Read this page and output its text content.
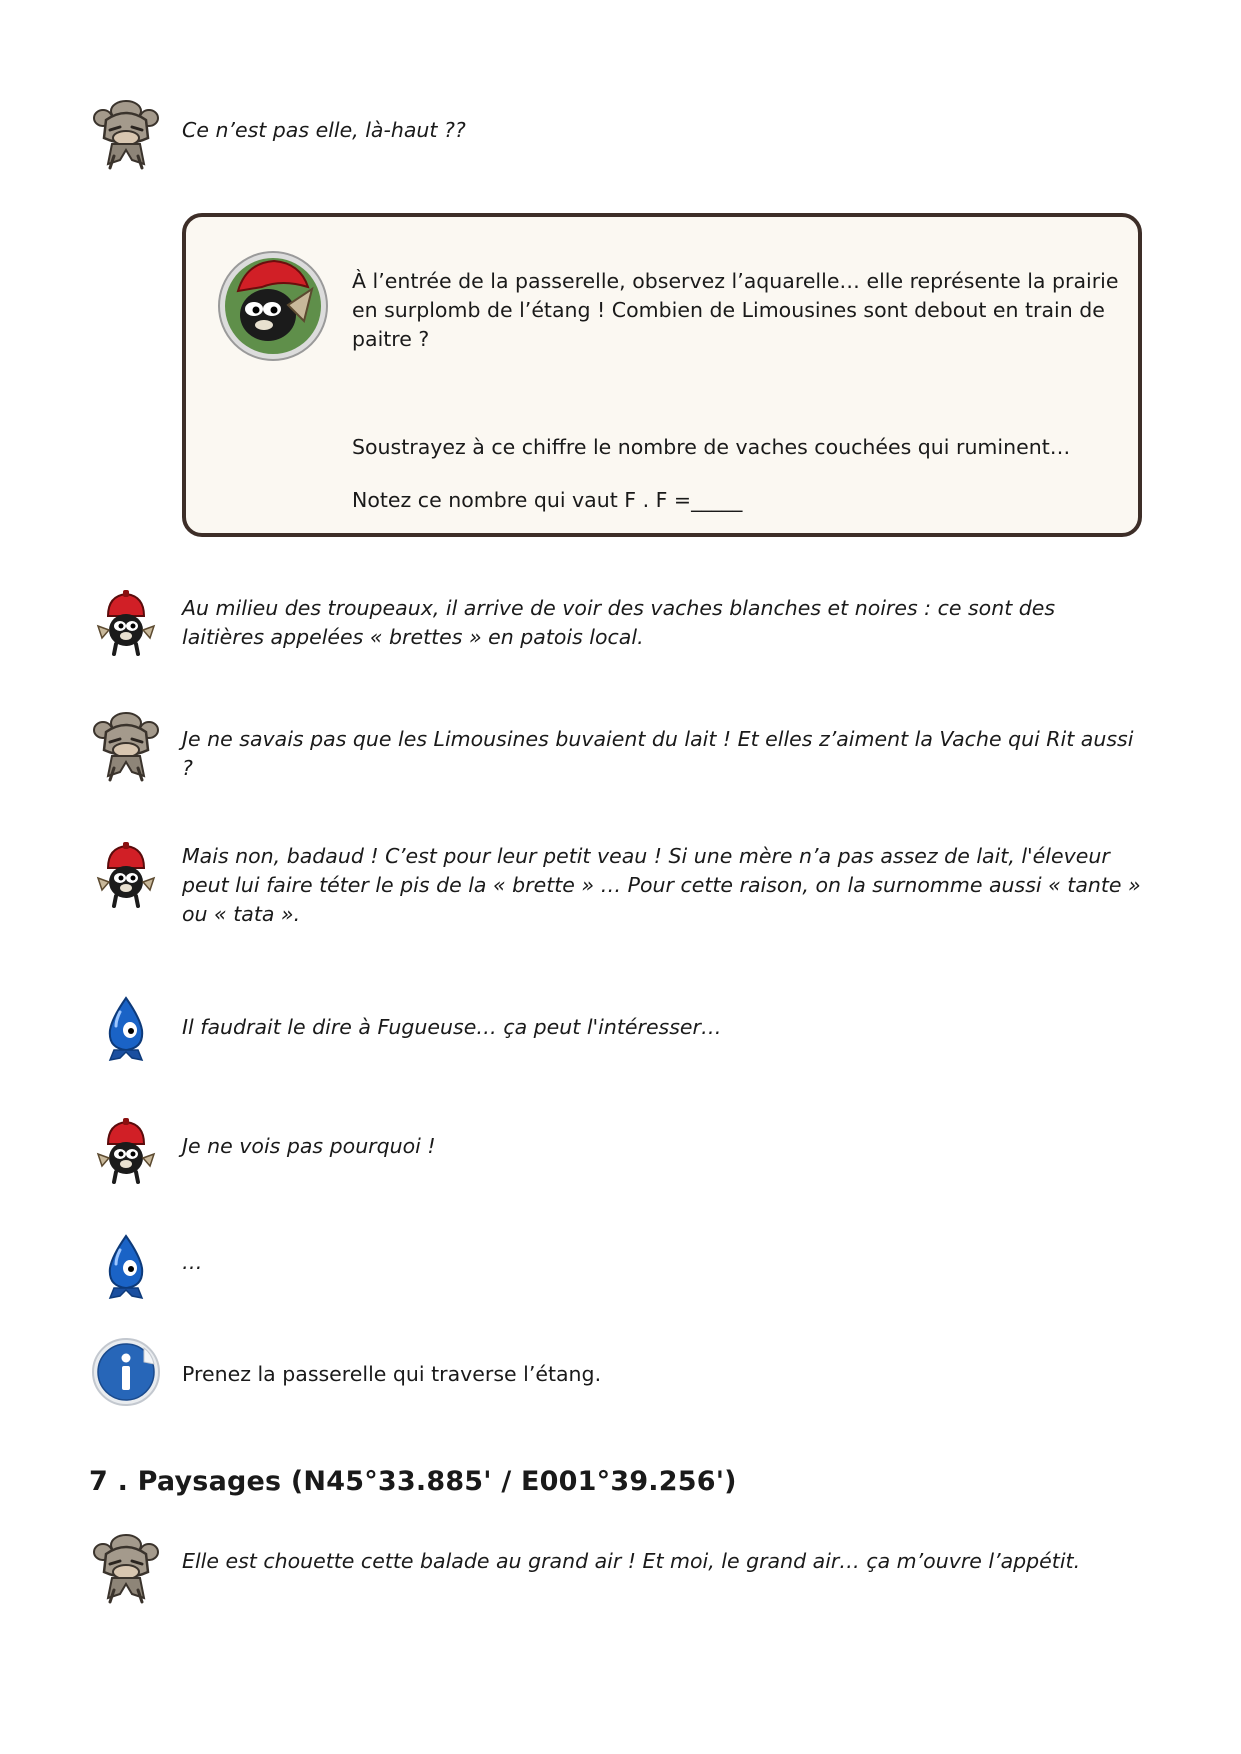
Ce n’est pas elle, là-haut ??

À l’entrée de la passerelle, observez l’aquarelle… elle représente la prairie en surplomb de l’étang ! Combien de Limousines sont debout en train de paitre ?

Soustrayez à ce chiffre le nombre de vaches couchées qui ruminent…

Notez ce nombre qui vaut F . F =_____

Au milieu des troupeaux, il arrive de voir des vaches blanches et noires : ce sont des laitières appelées « brettes » en patois local.
Je ne savais pas que les Limousines buvaient du lait ! Et elles z’aiment la Vache qui Rit aussi ?
Mais non, badaud ! C’est pour leur petit veau ! Si une mère n’a pas assez de lait, l'éleveur peut lui faire téter le pis de la « brette » … Pour cette raison, on la surnomme aussi « tante » ou « tata ».
Il faudrait le dire à Fugueuse… ça peut l'intéresser…
Je ne vois pas pourquoi !
…
Prenez la passerelle qui traverse l’étang.
7 . Paysages (N45°33.885' / E001°39.256')
Elle est chouette cette balade au grand air ! Et moi, le grand air… ça m’ouvre l’appétit.
